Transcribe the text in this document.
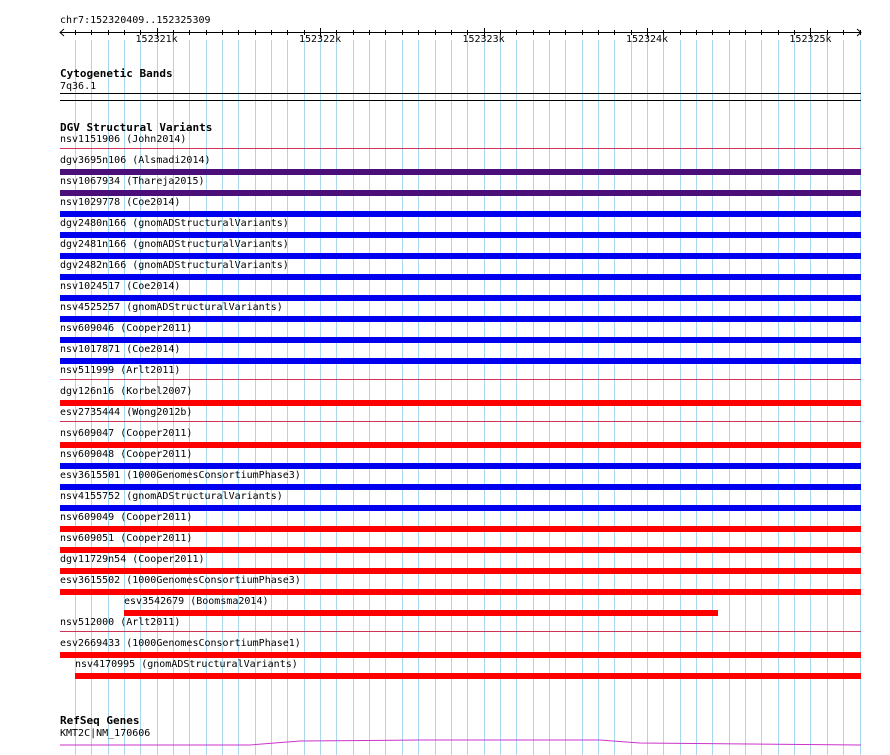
chr7:152320409..152325309
152321k	152322k	152323k	152324k	152325k
Cytogenetic Bands
7q36.1
DGV Structural Variants
nsv1151906 (John2014)
dgv3695n106 (Alsmadi2014)
nsv1067934 (Thareja2015)
nsv1029778 (Coe2014)
dgv2480n166 (gnomADStructuralVariants)
dgv2481n166 (gnomADStructuralVariants)
dgv2482n166 (gnomADStructuralVariants)
nsv1024517 (Coe2014)
nsv4525257 (gnomADStructuralVariants)
nsv609046 (Cooper2011)
nsv1017871 (Coe2014)
nsv511999 (Arlt2011)
dgv126n16 (Korbel2007)
esv2735444 (Wong2012b)
nsv609047 (Cooper2011)
nsv609048 (Cooper2011)
esv3615501 (1000GenomesConsortiumPhase3)
nsv4155752 (gnomADStructuralVariants)
nsv609049 (Cooper2011)
nsv609051 (Cooper2011)
dgv11729n54 (Cooper2011)
esv3615502 (1000GenomesConsortiumPhase3)
esv3542679 (Boomsma2014)
nsv512000 (Arlt2011)
esv2669433 (1000GenomesConsortiumPhase1)
nsv4170995 (gnomADStructuralVariants)
RefSeq Genes
KMT2C|NM_170606
